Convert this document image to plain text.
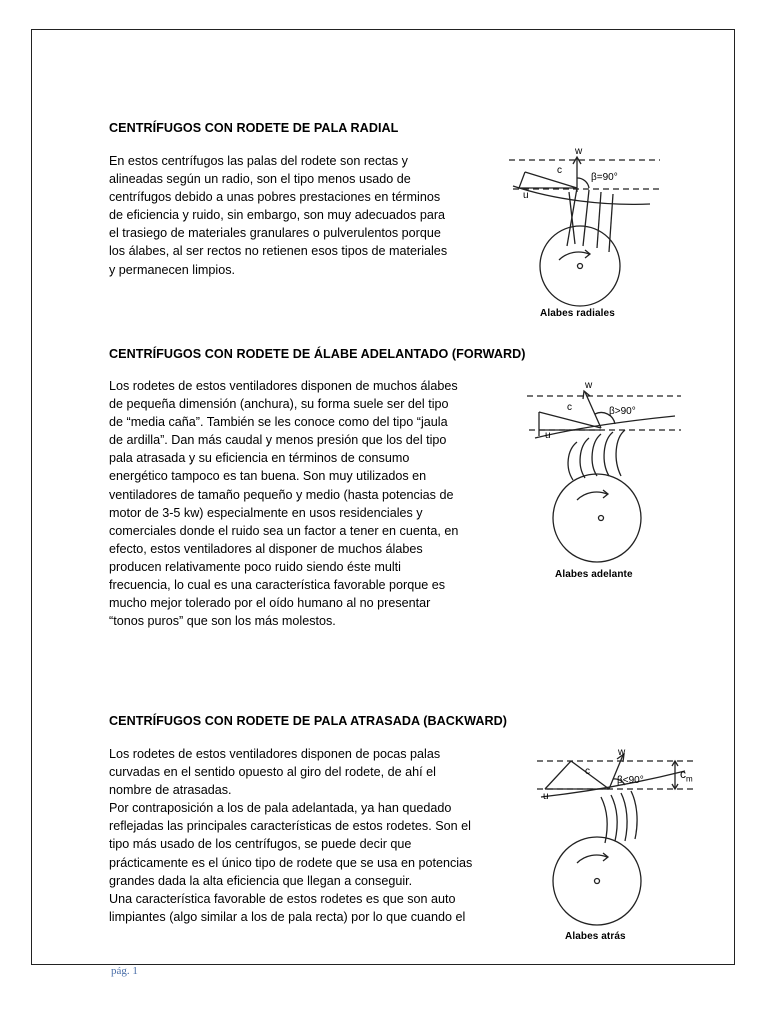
CENTRÍFUGOS CON RODETE DE PALA RADIAL
En estos centrífugos las palas del rodete son rectas y
alineadas según un radio, son el tipo menos usado de
centrífugos debido a unas pobres prestaciones en términos
de eficiencia y ruido, sin embargo, son muy adecuados para
el trasiego de materiales granulares o pulverulentos porque
los álabes, al ser rectos no retienen esos tipos de materiales
y permanecen limpios.
w
c
u
β=90°
Alabes radiales
CENTRÍFUGOS CON RODETE DE ÁLABE ADELANTADO (FORWARD)
Los rodetes de estos ventiladores disponen de muchos álabes
de pequeña dimensión (anchura), su forma suele ser del tipo
de “media caña”. También se les conoce como del tipo “jaula
de ardilla”. Dan más caudal y menos presión que los del tipo
pala atrasada y su eficiencia en términos de consumo
energético tampoco es tan buena. Son muy utilizados en
ventiladores de tamaño pequeño y medio (hasta potencias de
motor de 3-5 kw) especialmente en usos residenciales y
comerciales donde el ruido sea un factor a tener en cuenta, en
efecto, estos ventiladores al disponer de muchos álabes
producen relativamente poco ruido siendo éste multi
frecuencia, lo cual es una característica favorable porque es
mucho mejor tolerado por el oído humano al no presentar
“tonos puros” que son los más molestos.
w
c
u
β>90°
Alabes adelante
CENTRÍFUGOS CON RODETE DE PALA ATRASADA (BACKWARD)
Los rodetes de estos ventiladores disponen de pocas palas
curvadas en el sentido opuesto al giro del rodete, de ahí el
nombre de atrasadas.
Por contraposición a los de pala adelantada, ya han quedado
reflejadas las principales características de estos rodetes. Son el
tipo más usado de los centrífugos, se puede decir que
prácticamente es el único tipo de rodete que se usa en potencias
grandes dada la alta eficiencia que llegan a conseguir.
Una característica favorable de estos rodetes es que son auto
limpiantes (algo similar a los de pala recta) por lo que cuando el
w
c
u
β<90°	$c_m$
Alabes atrás
pág. 1
